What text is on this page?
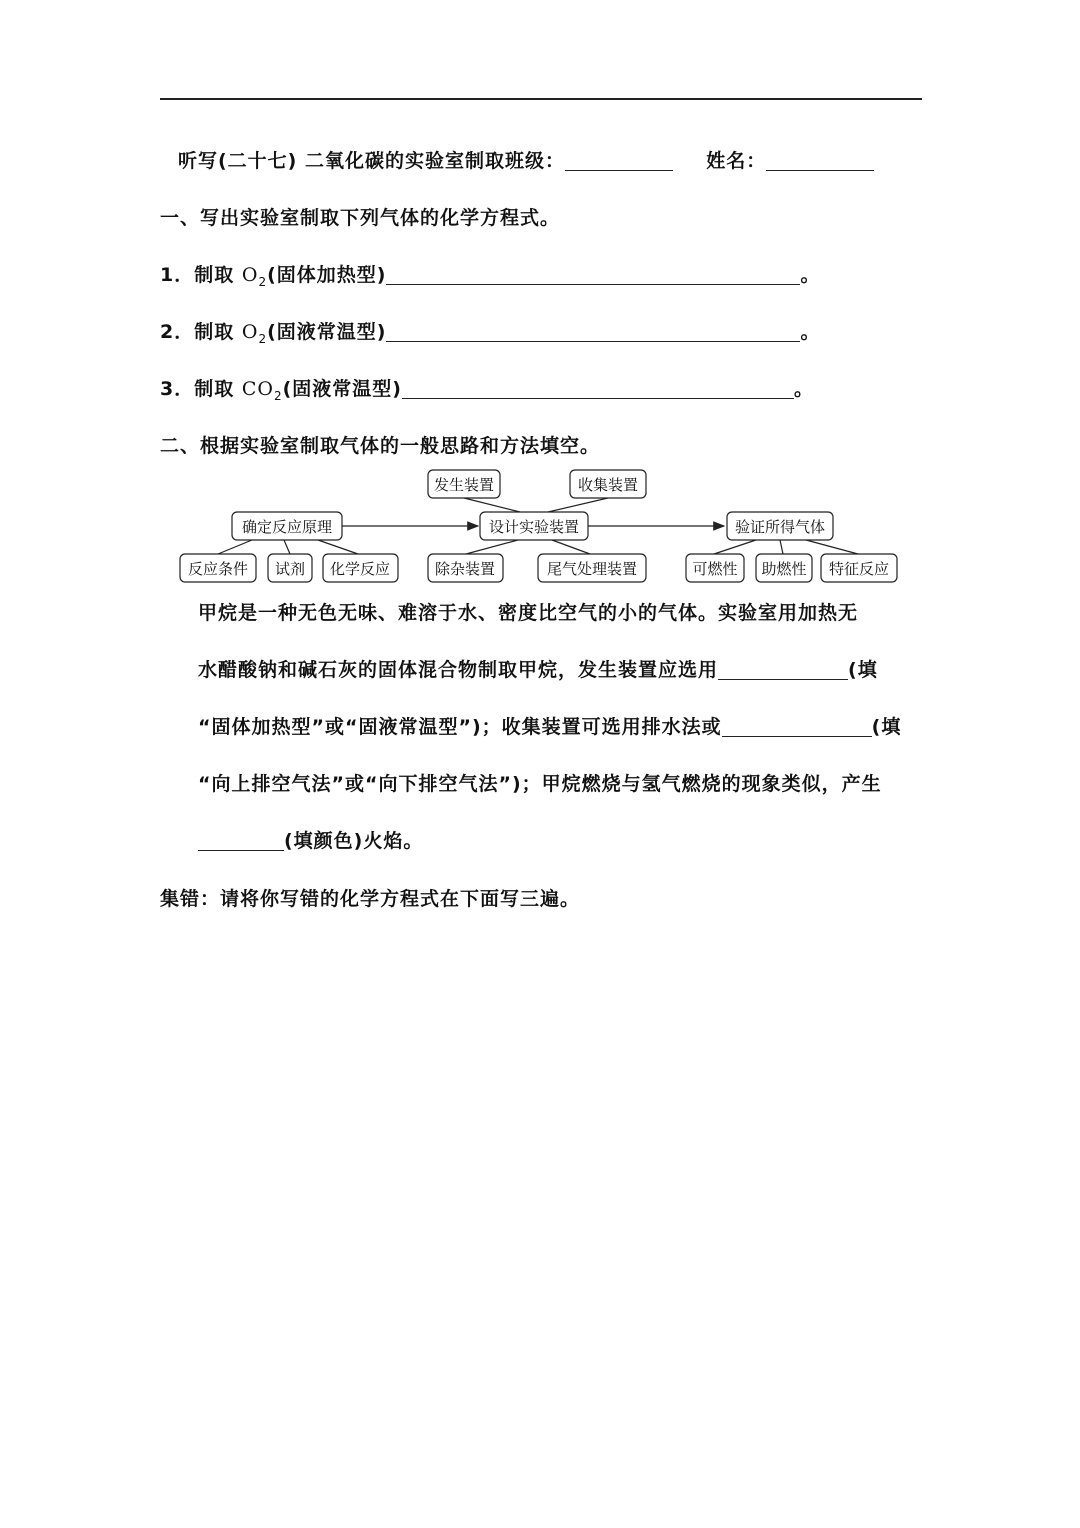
听写(二十七) 二氧化碳的实验室制取班级：	姓名：
一、写出实验室制取下列气体的化学方程式。
1．制取 $O_2$(固体加热型)	。
2．制取 $O_2$(固液常温型)	。
3．制取 $CO_2$(固液常温型)	。
二、根据实验室制取气体的一般思路和方法填空。
发生装置	收集装置
确定反应原理	设计实验装置	验证所得气体
反应条件 试剂 化学反应	除杂装置	尾气处理装置	可燃性 助燃性 特征反应
甲烷是一种无色无味、难溶于水、密度比空气的小的气体。实验室用加热无
水醋酸钠和碱石灰的固体混合物制取甲烷，发生装置应选用	(填
“固体加热型”或“固液常温型”)；收集装置可选用排水法或	(填
“向上排空气法”或“向下排空气法”)；甲烷燃烧与氢气燃烧的现象类似，产生
(填颜色)火焰。
集错：请将你写错的化学方程式在下面写三遍。
